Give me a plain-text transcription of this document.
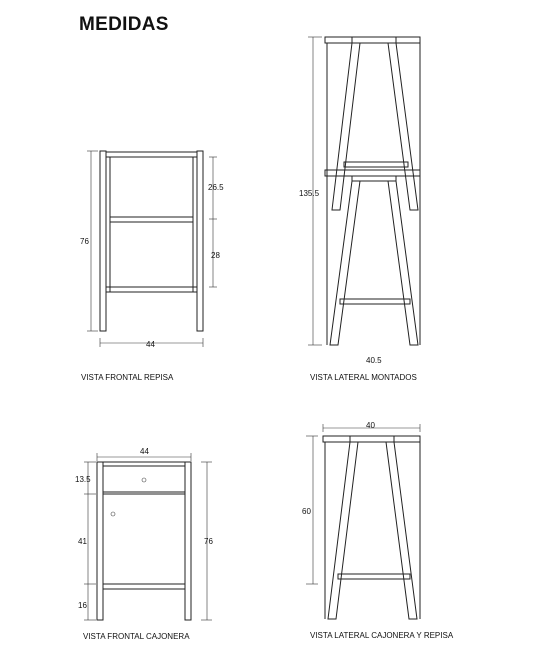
MEDIDAS
76
44
26.5
28
135.5
40.5
44
13.5
41
16
76
40
60
VISTA FRONTAL REPISA	VISTA LATERAL MONTADOS
VISTA FRONTAL CAJONERA	VISTA LATERAL CAJONERA Y REPISA
